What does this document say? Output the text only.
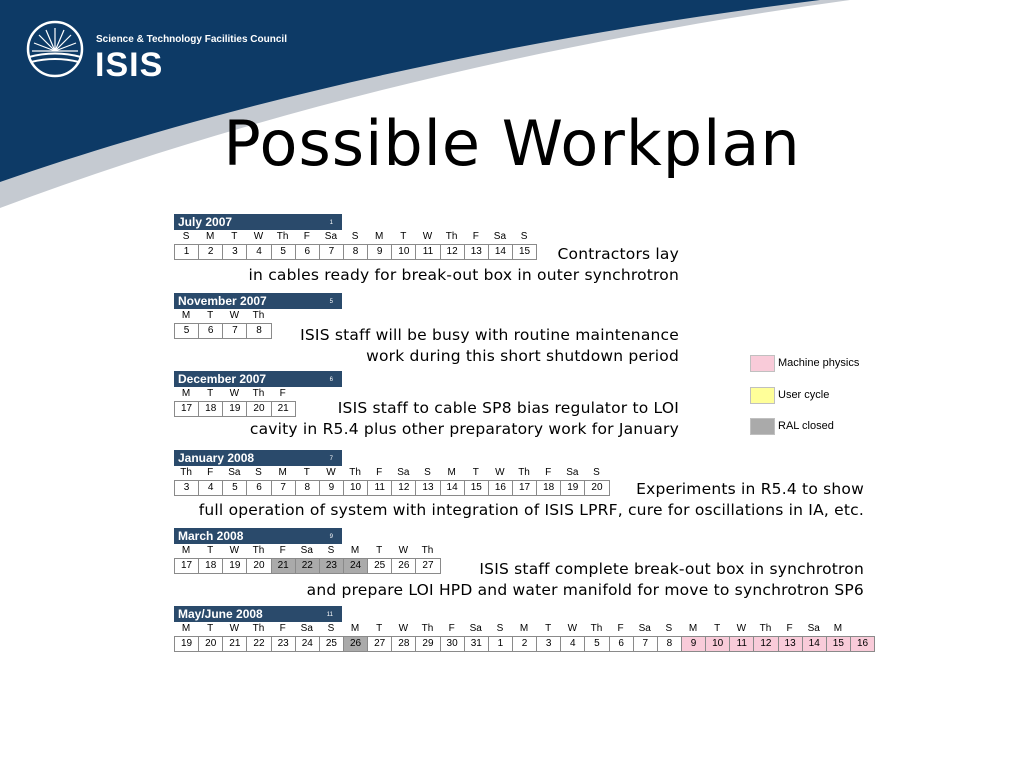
Science & Technology Facilities Council
ISIS
Possible Workplan
July 2007	1
S	M	T	W	Th	F	Sa	S	M	T	W	Th	F	Sa	S
1	2	3	4	5	6	7	8	9	10	11	12	13	14	15
November 2007	5
M	T	W	Th
5	6	7	8
December 2007	6
M	T	W	Th	F
17	18	19	20	21
January 2008	7
Th	F	Sa	S	M	T	W	Th	F	Sa	S	M	T	W	Th	F	Sa	S
3	4	5	6	7	8	9	10	11	12	13	14	15	16	17	18	19	20
March 2008	9
M	T	W	Th	F	Sa	S	M	T	W	Th
17	18	19	20	21	22	23	24	25	26	27
May/June 2008	11
M	T	W	Th	F	Sa	S	M	T	W	Th	F	Sa	S	M	T	W	Th	F	Sa	S	M	T	W	Th	F	Sa	M
19	20	21	22	23	24	25	26	27	28	29	30	31	1	2	3	4	5	6	7	8	9	10	11	12	13	14	15	16
Contractors lay
in cables ready for break-out box in outer synchrotron
ISIS staff will be busy with routine maintenance
work during this short shutdown period
ISIS staff to cable SP8 bias regulator to LOI
cavity in R5.4 plus other preparatory work for January
Experiments in R5.4 to show
full operation of system with integration of ISIS LPRF, cure for oscillations in IA, etc.
ISIS staff complete break-out box in synchrotron
and prepare LOI HPD and water manifold for move to synchrotron SP6
Machine physics
User cycle
RAL closed
